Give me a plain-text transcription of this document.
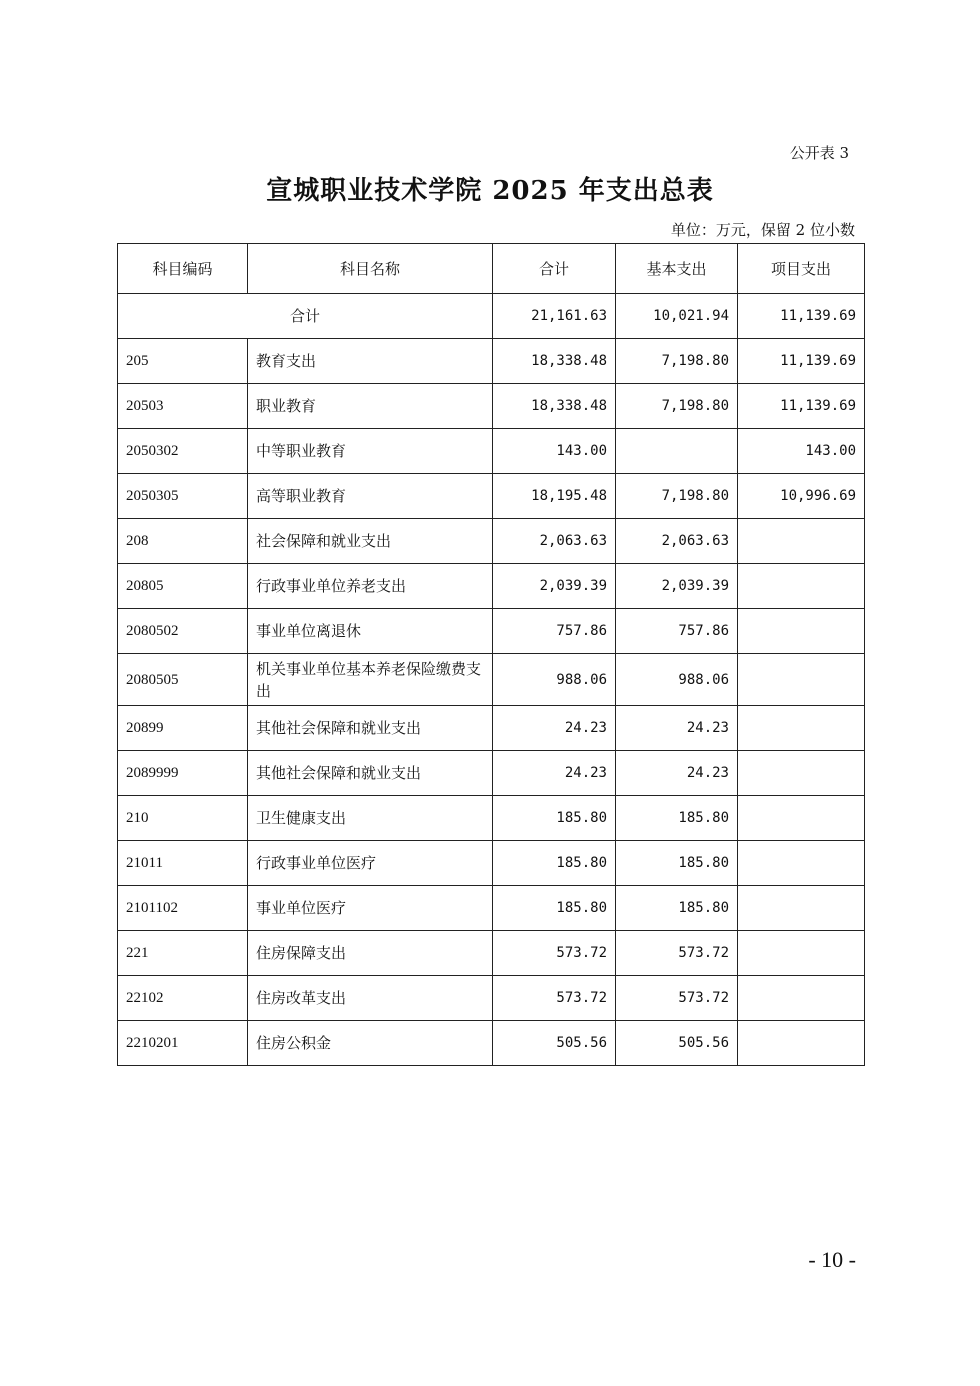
公开表 3
宣城职业技术学院 2025 年支出总表
单位：万元，保留 2 位小数
科目编码	科目名称	合计	基本支出	项目支出
合计		21,161.63	10,021.94	11,139.69
205	教育支出	18,338.48	7,198.80	11,139.69
20503	职业教育	18,338.48	7,198.80	11,139.69
2050302	中等职业教育	143.00		143.00
2050305	高等职业教育	18,195.48	7,198.80	10,996.69
208	社会保障和就业支出	2,063.63	2,063.63	
20805	行政事业单位养老支出	2,039.39	2,039.39	
2080502	事业单位离退休	757.86	757.86	
2080505	机关事业单位基本养老保险缴费支出	988.06	988.06	
20899	其他社会保障和就业支出	24.23	24.23	
2089999	其他社会保障和就业支出	24.23	24.23	
210	卫生健康支出	185.80	185.80	
21011	行政事业单位医疗	185.80	185.80	
2101102	事业单位医疗	185.80	185.80	
221	住房保障支出	573.72	573.72	
22102	住房改革支出	573.72	573.72	
2210201	住房公积金	505.56	505.56	
- 10 -
